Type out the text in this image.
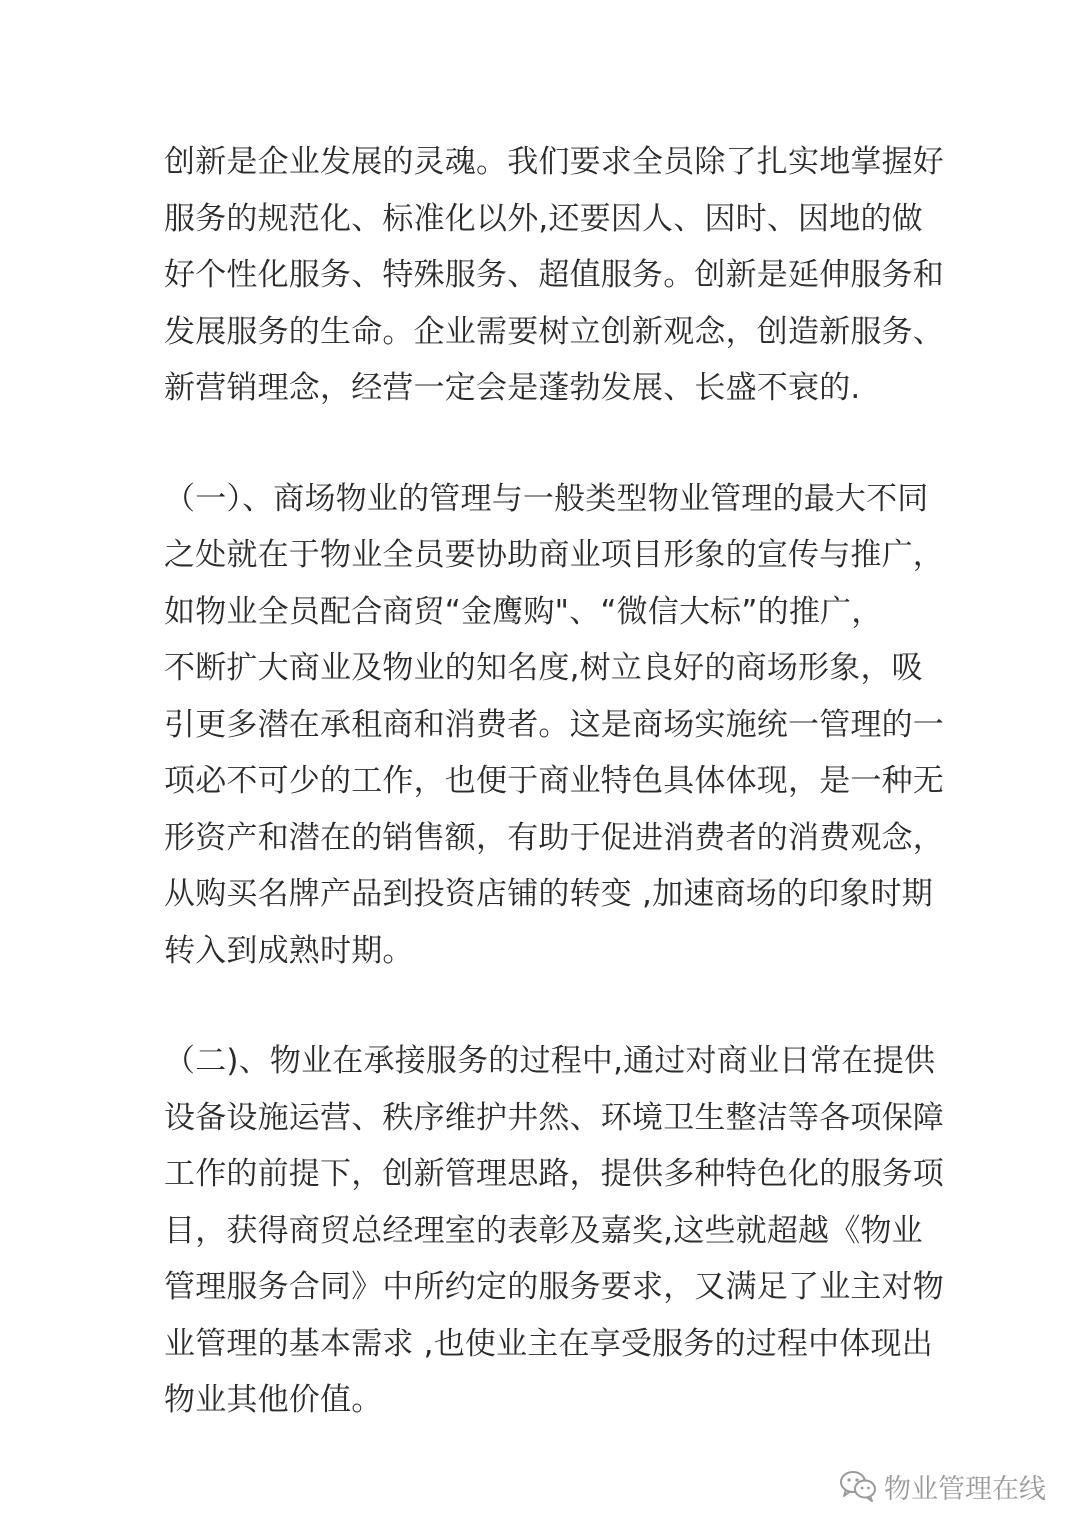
创新是企业发展的灵魂。我们要求全员除了扎实地掌握好
服务的规范化、标准化以外,还要因人、因时、因地的做
好个性化服务、特殊服务、超值服务。创新是延伸服务和
发展服务的生命。企业需要树立创新观念，创造新服务、
新营销理念，经营一定会是蓬勃发展、长盛不衰的.

（一）、商场物业的管理与一般类型物业管理的最大不同
之处就在于物业全员要协助商业项目形象的宣传与推广，
如物业全员配合商贸“金鹰购"、“微信大标”的推广，
不断扩大商业及物业的知名度,树立良好的商场形象，吸
引更多潜在承租商和消费者。这是商场实施统一管理的一
项必不可少的工作，也便于商业特色具体体现，是一种无
形资产和潜在的销售额，有助于促进消费者的消费观念，
从购买名牌产品到投资店铺的转变 ,加速商场的印象时期
转入到成熟时期。

（二)、物业在承接服务的过程中,通过对商业日常在提供
设备设施运营、秩序维护井然、环境卫生整洁等各项保障
工作的前提下，创新管理思路，提供多种特色化的服务项
目，获得商贸总经理室的表彰及嘉奖,这些就超越《物业
管理服务合同》中所约定的服务要求，又满足了业主对物
业管理的基本需求 ,也使业主在享受服务的过程中体现出
物业其他价值。

物业管理在线
